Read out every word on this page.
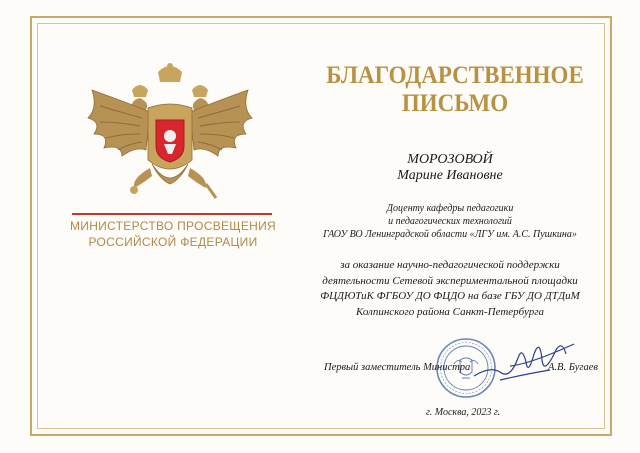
МИНИСТЕРСТВО ПРОСВЕЩЕНИЯ
РОССИЙСКОЙ ФЕДЕРАЦИИ
БЛАГОДАРСТВЕННОЕ
ПИСЬМО
МОРОЗОВОЙ
Марине Ивановне
Доценту кафедры педагогики
и педагогических технологий
ГАОУ ВО Ленинградской области «ЛГУ им. А.С. Пушкина»
за оказание научно-педагогической поддержки
деятельности Сетевой экспериментальной площадки
ФЦДЮТиК ФГБОУ ДО ФЦДО на базе ГБУ ДО ДТДиМ
Колпинского района Санкт-Петербурга
Первый заместитель Министра	А.В. Бугаев
г. Москва, 2023 г.
